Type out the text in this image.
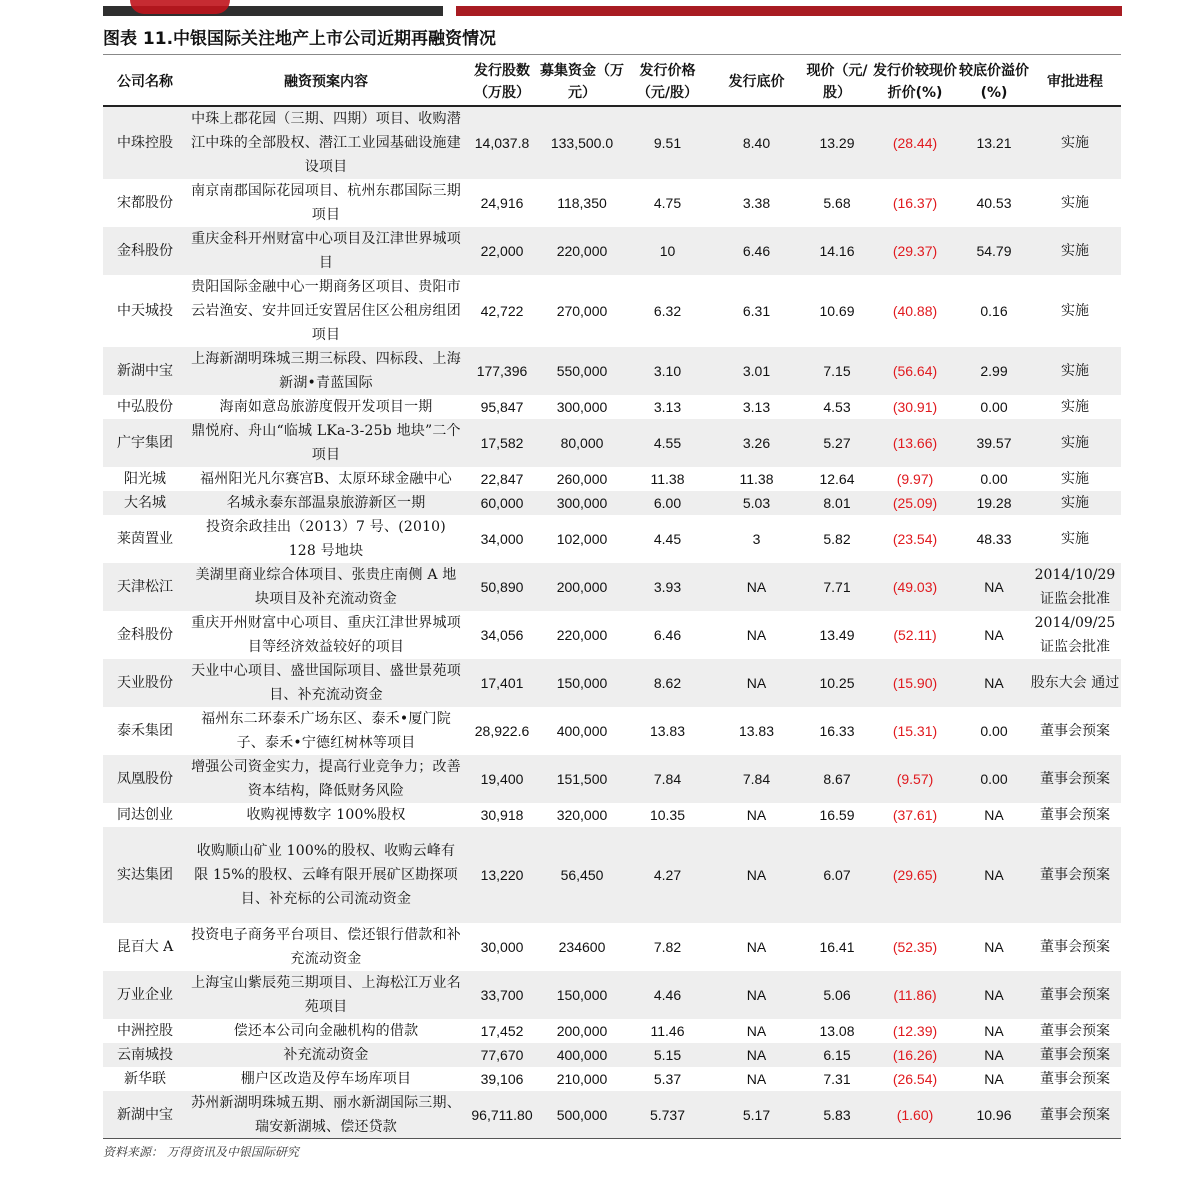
图表 11.中银国际关注地产上市公司近期再融资情况
公司名称	融资预案内容	发行股数（万股）	募集资金（万元）	发行价格（元/股）	发行底价	现价（元/股）	发行价较现价折价(%)	较底价溢价(%)	审批进程
中珠控股	中珠上郡花园（三期、四期）项目、收购潜江中珠的全部股权、潜江工业园基础设施建设项目	14,037.8	133,500.0	9.51	8.40	13.29	(28.44)	13.21	实施
宋都股份	南京南郡国际花园项目、杭州东郡国际三期项目	24,916	118,350	4.75	3.38	5.68	(16.37)	40.53	实施
金科股份	重庆金科开州财富中心项目及江津世界城项目	22,000	220,000	10	6.46	14.16	(29.37)	54.79	实施
中天城投	贵阳国际金融中心一期商务区项目、贵阳市云岩渔安、安井回迁安置居住区公租房组团项目	42,722	270,000	6.32	6.31	10.69	(40.88)	0.16	实施
新湖中宝	上海新湖明珠城三期三标段、四标段、上海新湖•青蓝国际	177,396	550,000	3.10	3.01	7.15	(56.64)	2.99	实施
中弘股份	海南如意岛旅游度假开发项目一期	95,847	300,000	3.13	3.13	4.53	(30.91)	0.00	实施
广宇集团	鼎悦府、舟山“临城 LKa-3-25b 地块”二个项目	17,582	80,000	4.55	3.26	5.27	(13.66)	39.57	实施
阳光城	福州阳光凡尔赛宫B、太原环球金融中心	22,847	260,000	11.38	11.38	12.64	(9.97)	0.00	实施
大名城	名城永泰东部温泉旅游新区一期	60,000	300,000	6.00	5.03	8.01	(25.09)	19.28	实施
莱茵置业	投资余政挂出（2013）7 号、(2010) 128 号地块	34,000	102,000	4.45	3	5.82	(23.54)	48.33	实施
天津松江	美湖里商业综合体项目、张贵庄南侧 A 地块项目及补充流动资金	50,890	200,000	3.93	NA	7.71	(49.03)	NA	2014/10/29 证监会批准
金科股份	重庆开州财富中心项目、重庆江津世界城项目等经济效益较好的项目	34,056	220,000	6.46	NA	13.49	(52.11)	NA	2014/09/25 证监会批准
天业股份	天业中心项目、盛世国际项目、盛世景苑项目、补充流动资金	17,401	150,000	8.62	NA	10.25	(15.90)	NA	股东大会 通过
泰禾集团	福州东二环泰禾广场东区、泰禾•厦门院子、泰禾•宁德红树林等项目	28,922.6	400,000	13.83	13.83	16.33	(15.31)	0.00	董事会预案
凤凰股份	增强公司资金实力，提高行业竞争力；改善资本结构，降低财务风险	19,400	151,500	7.84	7.84	8.67	(9.57)	0.00	董事会预案
同达创业	收购视博数字 100%股权	30,918	320,000	10.35	NA	16.59	(37.61)	NA	董事会预案
实达集团	收购顺山矿业 100%的股权、收购云峰有限 15%的股权、云峰有限开展矿区勘探项目、补充标的公司流动资金	13,220	56,450	4.27	NA	6.07	(29.65)	NA	董事会预案
昆百大 A	投资电子商务平台项目、偿还银行借款和补充流动资金	30,000	234600	7.82	NA	16.41	(52.35)	NA	董事会预案
万业企业	上海宝山紫辰苑三期项目、上海松江万业名苑项目	33,700	150,000	4.46	NA	5.06	(11.86)	NA	董事会预案
中洲控股	偿还本公司向金融机构的借款	17,452	200,000	11.46	NA	13.08	(12.39)	NA	董事会预案
云南城投	补充流动资金	77,670	400,000	5.15	NA	6.15	(16.26)	NA	董事会预案
新华联	棚户区改造及停车场库项目	39,106	210,000	5.37	NA	7.31	(26.54)	NA	董事会预案
新湖中宝	苏州新湖明珠城五期、丽水新湖国际三期、瑞安新湖城、偿还贷款	96,711.80	500,000	5.737	5.17	5.83	(1.60)	10.96	董事会预案
资料来源： 万得资讯及中银国际研究
